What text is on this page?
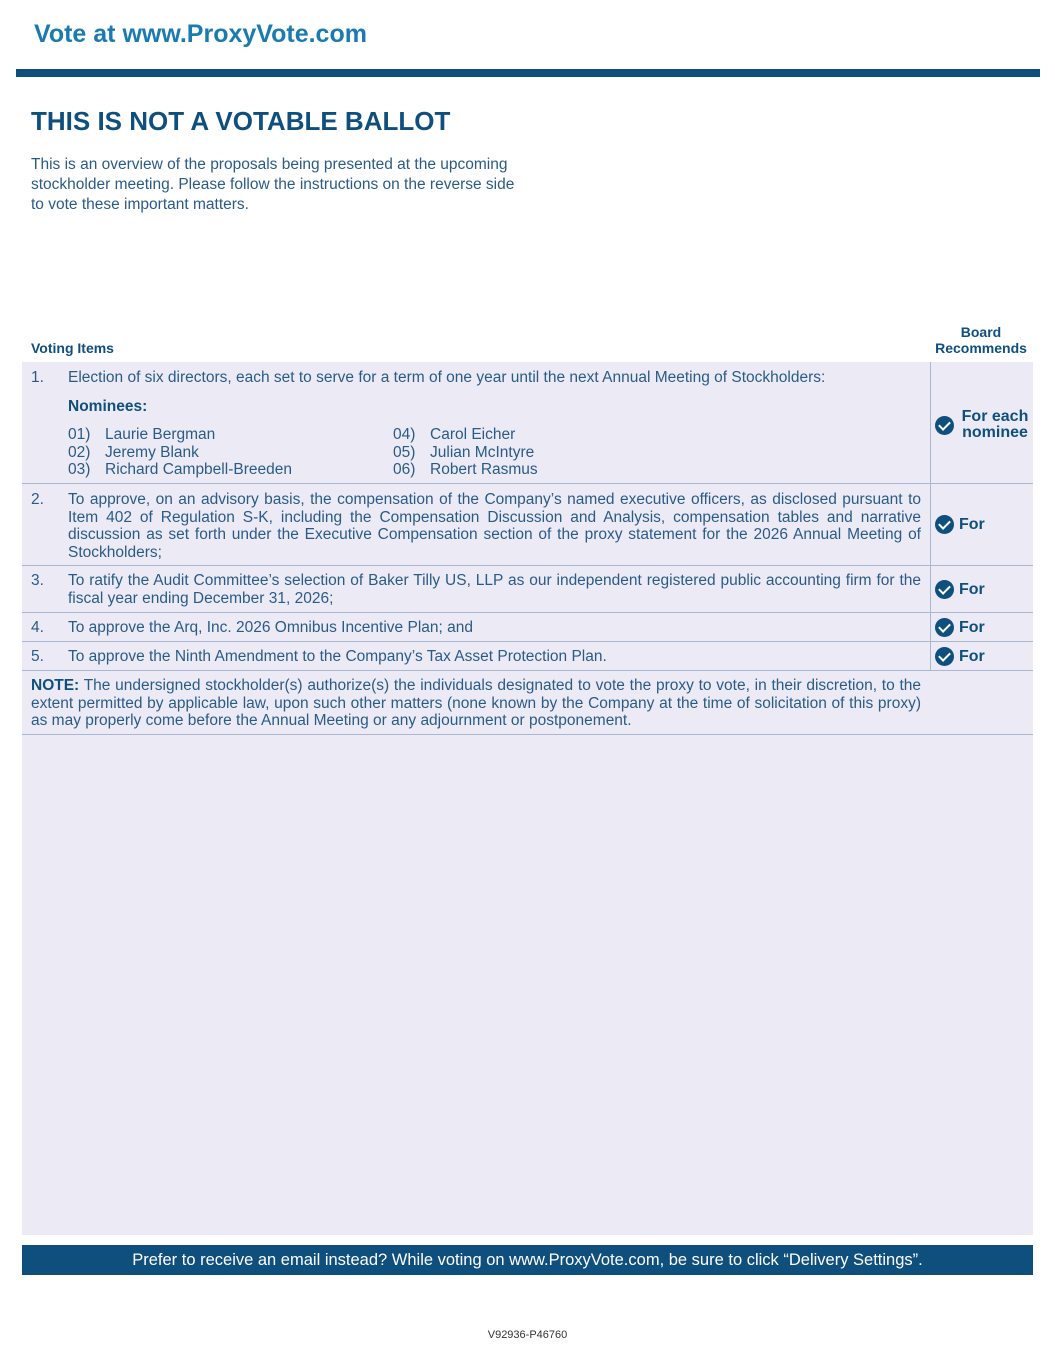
Vote at www.ProxyVote.com
THIS IS NOT A VOTABLE BALLOT
This is an overview of the proposals being presented at the upcoming stockholder meeting. Please follow the instructions on the reverse side to vote these important matters.
Voting Items
Board Recommends
1. Election of six directors, each set to serve for a term of one year until the next Annual Meeting of Stockholders:
Nominees:
01) Laurie Bergman
02) Jeremy Blank
03) Richard Campbell-Breeden
04) Carol Eicher
05) Julian McIntyre
06) Robert Rasmus
For each nominee
2. To approve, on an advisory basis, the compensation of the Company’s named executive officers, as disclosed pursuant to Item 402 of Regulation S-K, including the Compensation Discussion and Analysis, compensation tables and narrative discussion as set forth under the Executive Compensation section of the proxy statement for the 2026 Annual Meeting of Stockholders;
For
3. To ratify the Audit Committee’s selection of Baker Tilly US, LLP as our independent registered public accounting firm for the fiscal year ending December 31, 2026;
For
4. To approve the Arq, Inc. 2026 Omnibus Incentive Plan; and	For
5. To approve the Ninth Amendment to the Company’s Tax Asset Protection Plan.	For
NOTE: The undersigned stockholder(s) authorize(s) the individuals designated to vote the proxy to vote, in their discretion, to the extent permitted by applicable law, upon such other matters (none known by the Company at the time of solicitation of this proxy) as may properly come before the Annual Meeting or any adjournment or postponement.
Prefer to receive an email instead? While voting on www.ProxyVote.com, be sure to click “Delivery Settings”.
V92936-P46760
